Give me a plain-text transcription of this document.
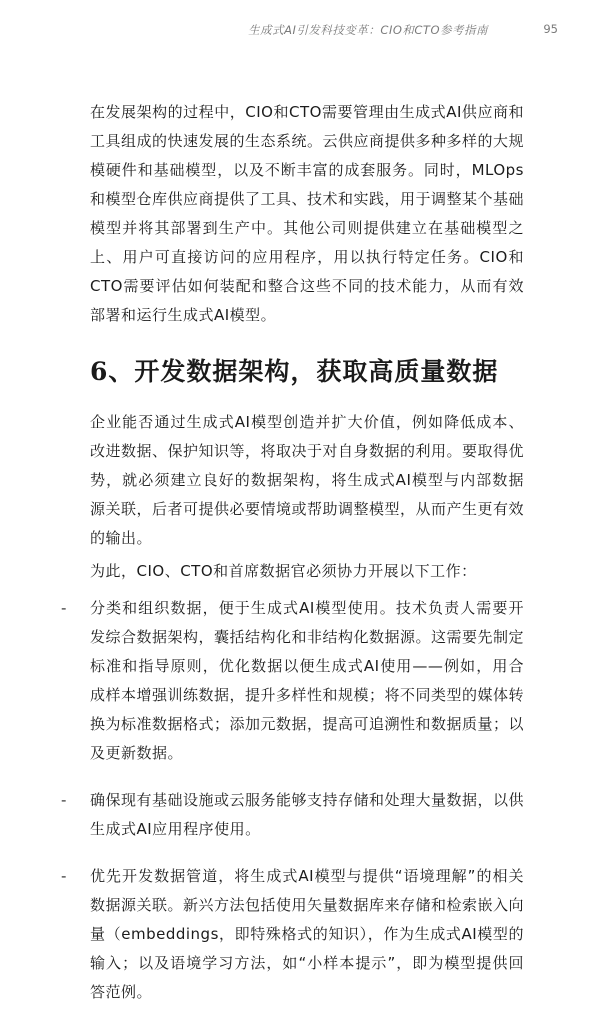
生成式AI引发科技变革：CIO和CTO参考指南	95

在发展架构的过程中，CIO和CTO需要管理由生成式AI供应商和工具组成的快速发展的生态系统。云供应商提供多种多样的大规模硬件和基础模型，以及不断丰富的成套服务。同时，MLOps和模型仓库供应商提供了工具、技术和实践，用于调整某个基础模型并将其部署到生产中。其他公司则提供建立在基础模型之上、用户可直接访问的应用程序，用以执行特定任务。CIO和CTO需要评估如何装配和整合这些不同的技术能力，从而有效部署和运行生成式AI模型。

6、开发数据架构，获取高质量数据

企业能否通过生成式AI模型创造并扩大价值，例如降低成本、改进数据、保护知识等，将取决于对自身数据的利用。要取得优势，就必须建立良好的数据架构，将生成式AI模型与内部数据源关联，后者可提供必要情境或帮助调整模型，从而产生更有效的输出。

为此，CIO、CTO和首席数据官必须协力开展以下工作：

- 分类和组织数据，便于生成式AI模型使用。技术负责人需要开发综合数据架构，囊括结构化和非结构化数据源。这需要先制定标准和指导原则，优化数据以便生成式AI使用——例如，用合成样本增强训练数据，提升多样性和规模；将不同类型的媒体转换为标准数据格式；添加元数据，提高可追溯性和数据质量；以及更新数据。
- 确保现有基础设施或云服务能够支持存储和处理大量数据，以供生成式AI应用程序使用。
- 优先开发数据管道，将生成式AI模型与提供“语境理解”的相关数据源关联。新兴方法包括使用矢量数据库来存储和检索嵌入向量（embeddings，即特殊格式的知识），作为生成式AI模型的输入；以及语境学习方法，如“小样本提示”，即为模型提供回答范例。
